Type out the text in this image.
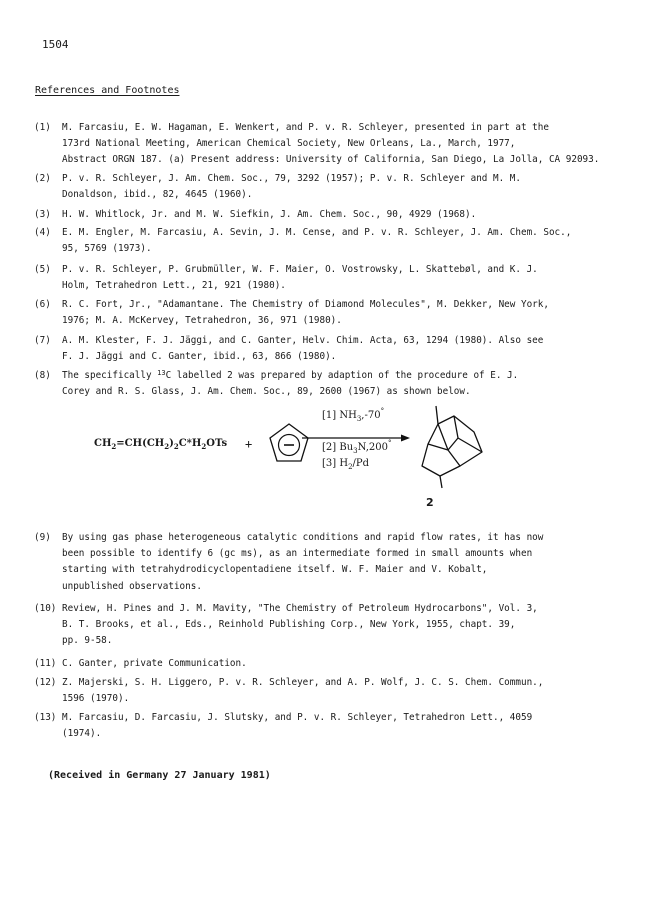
1504
References and Footnotes
(1)	M. Farcasiu, E. W. Hagaman, E. Wenkert, and P. v. R. Schleyer, presented in part at the
173rd National Meeting, American Chemical Society, New Orleans, La., March, 1977,
Abstract ORGN 187. (a) Present address: University of California, San Diego, La Jolla, CA 92093.
(2)	P. v. R. Schleyer, J. Am. Chem. Soc., 79, 3292 (1957); P. v. R. Schleyer and M. M.
Donaldson, ibid., 82, 4645 (1960).
(3)	H. W. Whitlock, Jr. and M. W. Siefkin, J. Am. Chem. Soc., 90, 4929 (1968).
(4)	E. M. Engler, M. Farcasiu, A. Sevin, J. M. Cense, and P. v. R. Schleyer, J. Am. Chem. Soc.,
95, 5769 (1973).
(5)	P. v. R. Schleyer, P. Grubmüller, W. F. Maier, O. Vostrowsky, L. Skattebøl, and K. J.
Holm, Tetrahedron Lett., 21, 921 (1980).
(6)	R. C. Fort, Jr., "Adamantane. The Chemistry of Diamond Molecules", M. Dekker, New York,
1976; M. A. McKervey, Tetrahedron, 36, 971 (1980).
(7)	A. M. Klester, F. J. Jäggi, and C. Ganter, Helv. Chim. Acta, 63, 1294 (1980). Also see
F. J. Jäggi and C. Ganter, ibid., 63, 866 (1980).
(8)	The specifically $^{13}$C labelled 2 was prepared by adaption of the procedure of E. J.
Corey and R. S. Glass, J. Am. Chem. Soc., 89, 2600 (1967) as shown below.
(9)	By using gas phase heterogeneous catalytic conditions and rapid flow rates, it has now
been possible to identify 6 (gc ms), as an intermediate formed in small amounts when
starting with tetrahydrodicyclopentadiene itself. W. F. Maier and V. Kobalt,
unpublished observations.
(10) Review, H. Pines and J. M. Mavity, "The Chemistry of Petroleum Hydrocarbons", Vol. 3,
B. T. Brooks, et al., Eds., Reinhold Publishing Corp., New York, 1955, chapt. 39,
pp. 9-58.
(11) C. Ganter, private Communication.
(12) Z. Majerski, S. H. Liggero, P. v. R. Schleyer, and A. P. Wolf, J. C. S. Chem. Commun.,
1596 (1970).
(13) M. Farcasiu, D. Farcasiu, J. Slutsky, and P. v. R. Schleyer, Tetrahedron Lett., 4059
(1974).
$CH_2=CH(CH_2)_2C*H_2OTs$ +
[1] $NH_3,-70^\circ$
[2] $Bu_3N,200^\circ$
[3] $H_2/Pd$
2
(Received in Germany 27 January 1981)
